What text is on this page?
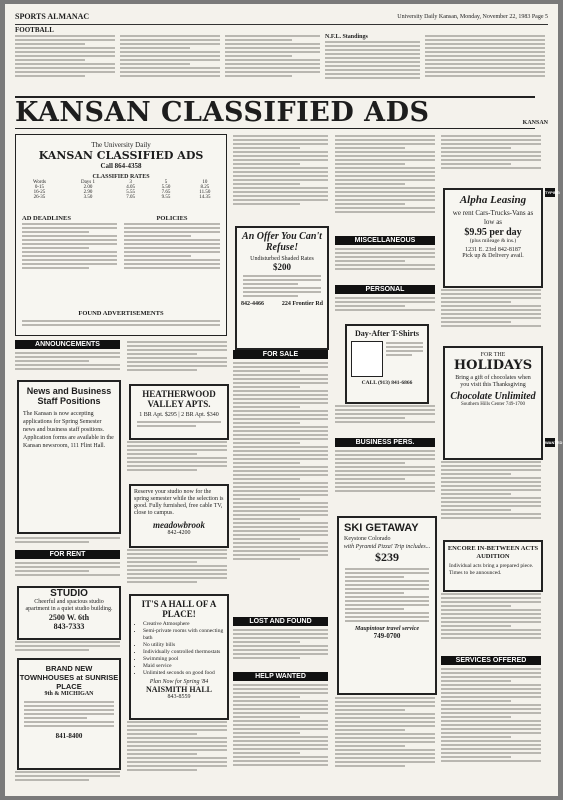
SPORTS ALMANAC	University Daily Kansan, Monday, November 22, 1983 Page 5
FOOTBALL
N.F.L. Standings
KANSAN CLASSIFIED ADS	KANSAN
The University Daily
KANSAN CLASSIFIED ADS
Call 864-4358
CLASSIFIED RATES
Words	Days 1	3	5	10
0-15	2.00	4.05	5.50	8.25
16-25	2.90	5.55	7.65	11.50
26-35	3.50	7.05	9.55	14.35
AD DEADLINES	POLICIES
FOUND ADVERTISEMENTS
ANNOUNCEMENTS
News and Business Staff Positions
The Kansan is now accepting applications for Spring Semester news and business staff positions. Application forms are available in the Kansan newsroom, 111 Flint Hall.
FOR RENT
STUDIO
Cheerful and spacious studio apartment in a quiet studio building.
2500 W. 6th
843-7333
BRAND NEW TOWNHOUSES at SUNRISE PLACE
9th & MICHIGAN
841-8400
HEATHERWOOD VALLEY APTS.
1 BR Apt. $295 | 2 BR Apt. $340
Reserve your studio now for the spring semester while the selection is good. Fully furnished, free cable TV, close to campus.
meadowbrook
842-4200
IT'S A HALL OF A PLACE!
• Creative Atmosphere
• Semi-private rooms with connecting bath
• No utility bills
• Individually controlled thermostats
• Swimming pool
• Maid service
• Unlimited seconds on good food
Plan Now for Spring '84
NAISMITH HALL
843-8559
An Offer You Can't Refuse!
Undisturbed Shaded Rates
$200
842-4466	224 Frontier Rd
FOR SALE
LOST AND FOUND
HELP WANTED
MISCELLANEOUS
PERSONAL
Day-After T-Shirts
CALL (913) 841-6866
BUSINESS PERS.
SKI GETAWAY
Keystone Colorado
with Pyramid Pizza! Trip includes...
$239
Maupintour travel service
749-0700
Alpha Leasing
we rent Cars-Trucks-Vans as low as
$9.95 per day
(plus mileage & ins.)
1231 E. 23rd 842-8187
Pick up & Delivery avail.
FOR THE
HOLIDAYS
Bring a gift of chocolates when you visit this Thanksgiving
Chocolate Unlimited
Southern Hills Center 749-1700
ENCORE IN-BETWEEN ACTS AUDITION
Individual acts bring a prepared piece. Times to be announced.
SERVICES OFFERED
TYPING
WANTED
